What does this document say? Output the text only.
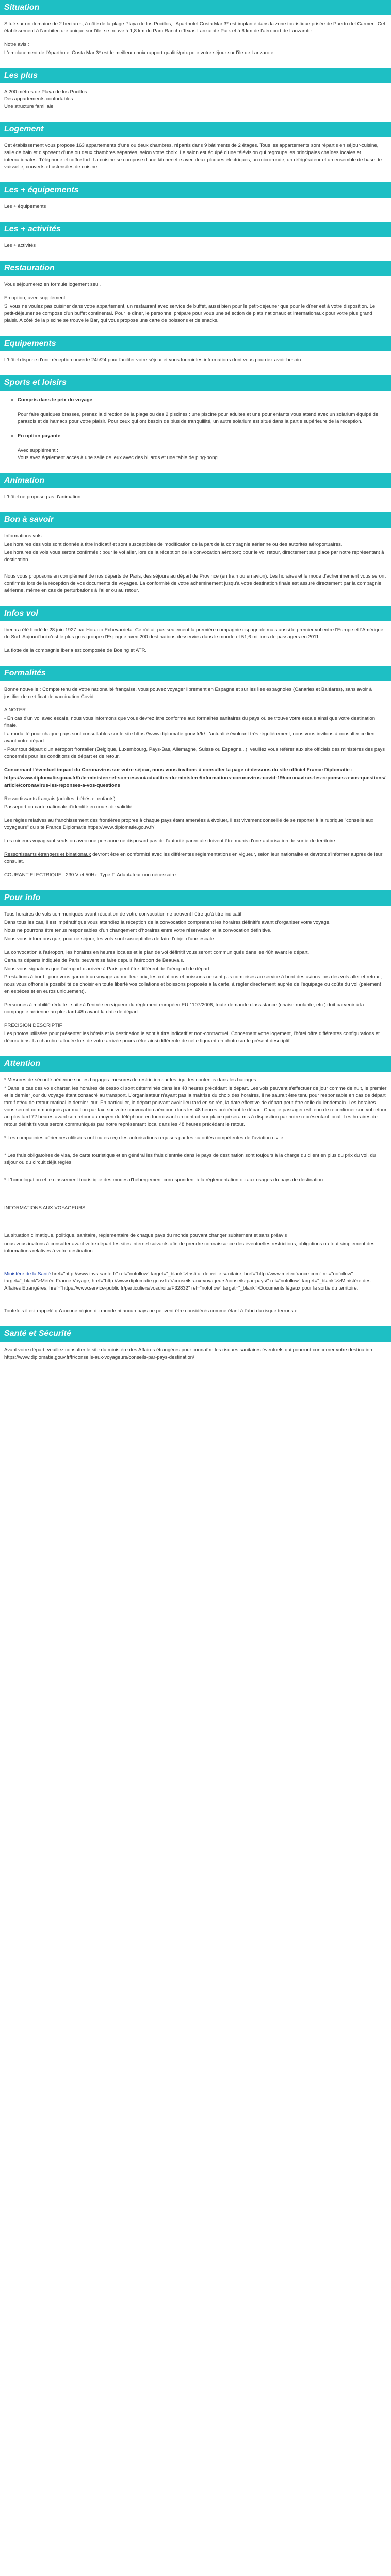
Situation

Situé sur un domaine de 2 hectares, à côté de la plage Playa de los Pocillos, l'Aparthotel Costa Mar 3* est implanté dans la zone touristique prisée de Puerto del Carmen. Cet établissement à l'architecture unique sur l'île, se trouve à 1,8 km du Parc Rancho Texas Lanzarote Park et à 6 km de l'aéroport de Lanzarote.

Notre avis :

L'emplacement de l'Aparthotel Costa Mar 3* est le meilleur choix rapport qualité/prix pour votre séjour sur l'île de Lanzarote.

Les plus

A 200 mètres de Playa de los Pocillos
Des appartements confortables
Une structure familiale

Logement

Cet établissement vous propose 163 appartements d'une ou deux chambres, répartis dans 9 bâtiments de 2 étages. Tous les appartements sont répartis en séjour-cuisine, salle de bain et disposent d'une ou deux chambres séparées, selon votre choix. Le salon est équipé d'une télévision qui regroupe les principales chaînes locales et internationales. Téléphone et coffre fort. La cuisine se compose d'une kitchenette avec deux plaques électriques, un micro-onde, un réfrigérateur et un ensemble de base de vaisselle, couverts et ustensiles de cuisine.

Les + équipements

Les + équipements

Les + activités

Les + activités

Restauration

Vous séjournerez en formule logement seul.

En option, avec supplément :

Si vous ne voulez pas cuisiner dans votre appartement, un restaurant avec service de buffet, aussi bien pour le petit-déjeuner que pour le dîner est à votre disposition. Le petit-déjeuner se compose d'un buffet continental. Pour le dîner, le personnel prépare pour vous une sélection de plats nationaux et internationaux pour votre plus grand plaisir. A côté de la piscine se trouve le Bar, qui vous propose une carte de boissons et de snacks.

Equipements

L'hôtel dispose d'une réception ouverte 24h/24 pour faciliter votre séjour et vous fournir les informations dont vous pourriez avoir besoin.

Sports et loisirs
• Compris dans le prix du voyage
Pour faire quelques brasses, prenez la direction de la plage ou des 2 piscines : une piscine pour adultes et une pour enfants vous attend avec un solarium équipé de parasols et de hamacs pour votre plaisir. Pour ceux qui ont besoin de plus de tranquillité, un autre solarium est situé dans la partie supérieure de la réception.
• En option payante
Avec supplément :
Vous avez également accès à une salle de jeux avec des billards et une table de ping-pong.
Animation

L'hôtel ne propose pas d'animation.

Bon à savoir

Informations vols :

Les horaires des vols sont donnés à titre indicatif et sont susceptibles de modification de la part de la compagnie aérienne ou des autorités aéroportuaires.

Les horaires de vols vous seront confirmés : pour le vol aller, lors de la réception de la convocation aéroport; pour le vol retour, directement sur place par notre représentant à destination.

Nous vous proposons en complément de nos départs de Paris, des séjours au départ de Province (en train ou en avion). Les horaires et le mode d'acheminement vous seront confirmés lors de la réception de vos documents de voyages. La conformité de votre acheminement jusqu'à votre destination finale est assuré directement par la compagnie aérienne, même en cas de perturbations à l'aller ou au retour.

Infos vol

Iberia a été fondé le 28 juin 1927 par Horacio Echevarrieta. Ce n'était pas seulement la première compagnie espagnole mais aussi le premier vol entre l'Europe et l'Amérique du Sud. Aujourd'hui c'est le plus gros groupe d'Espagne avec 200 destinations desservies dans le monde et 51,6 millions de passagers en 2011.

La flotte de la compagnie Iberia est composée de Boeing et ATR.

Formalités

Bonne nouvelle : Compte tenu de votre nationalité française, vous pouvez voyager librement en Espagne et sur les îles espagnoles (Canaries et Baléares), sans avoir à justifier de certificat de vaccination Covid.

A NOTER

- En cas d'un vol avec escale, nous vous informons que vous devrez être conforme aux formalités sanitaires du pays où se trouve votre escale ainsi que votre destination finale.

La modalité pour chaque pays sont consultables sur le site https://www.diplomatie.gouv.fr/fr/ L'actualité évoluant très régulièrement, nous vous invitons à consulter ce lien avant votre départ.

- Pour tout départ d'un aéroport frontalier (Belgique, Luxembourg, Pays-Bas, Allemagne, Suisse ou Espagne...), veuillez vous référer aux site officiels des ministères des pays concernés pour les conditions de départ et de retour.

Concernant l'éventuel impact du Coronavirus sur votre séjour, nous vous invitons à consulter la page ci-dessous du site officiel France Diplomatie :

https://www.diplomatie.gouv.fr/fr/le-ministere-et-son-reseau/actualites-du-ministere/informations-coronavirus-covid-19/coronavirus-les-reponses-a-vos-questions/article/coronavirus-les-reponses-a-vos-questions

Ressortissants français (adultes, bébés et enfants) :

Passeport ou carte nationale d'identité en cours de validité.

Les règles relatives au franchissement des frontières propres à chaque pays étant amenées à évoluer, il est vivement conseillé de se reporter à la rubrique "conseils aux voyageurs" du site France Diplomatie,https://www.diplomatie.gouv.fr/.

Les mineurs voyageant seuls ou avec une personne ne disposant pas de l'autorité parentale doivent être munis d'une autorisation de sortie de territoire.

Ressortissants étrangers et binationaux devront être en conformité avec les différentes réglementations en vigueur, selon leur nationalité et devront s'informer auprès de leur consulat.

COURANT ELECTRIQUE : 230 V et 50Hz. Type F. Adaptateur non nécessaire.

Pour info

Tous horaires de vols communiqués avant réception de votre convocation ne peuvent l'être qu'à titre indicatif.

Dans tous les cas, il est impératif que vous attendiez la réception de la convocation comprenant les horaires définitifs avant d'organiser votre voyage.

Nous ne pourrons être tenus responsables d'un changement d'horaires entre votre réservation et la convocation définitive.

Nous vous informons que, pour ce séjour, les vols sont susceptibles de faire l'objet d'une escale.

La convocation à l'aéroport, les horaires en heures locales et le plan de vol définitif vous seront communiqués dans les 48h avant le départ.

Certains départs indiqués de Paris peuvent se faire depuis l'aéroport de Beauvais.

Nous vous signalons que l'aéroport d'arrivée à Paris peut être différent de l'aéroport de départ.

Prestations à bord : pour vous garantir un voyage au meilleur prix, les collations et boissons ne sont pas comprises au service à bord des avions lors des vols aller et retour ; nous vous offrons la possibilité de choisir en toute liberté vos collations et boissons proposés à la carte, à régler directement auprès de l'équipage ou coûts du vol (paiement en espèces et en euros uniquement).

Personnes à mobilité réduite : suite à l'entrée en vigueur du règlement européen EU 1107/2006, toute demande d'assistance (chaise roulante, etc.) doit parvenir à la compagnie aérienne au plus tard 48h avant la date de départ.

PRÉCISION DESCRIPTIF

Les photos utilisées pour présenter les hôtels et la destination le sont à titre indicatif et non-contractuel. Concernant votre logement, l'hôtel offre différentes configurations et décorations. La chambre allouée lors de votre arrivée pourra être ainsi différente de celle figurant en photo sur le présent descriptif.

Attention

* Mesures de sécurité aérienne sur les bagages: mesures de restriction sur les liquides contenus dans les bagages.

* Dans le cas des vols charter, les horaires de cesso ci sont déterminés dans les 48 heures précédant le départ. Les vols peuvent s'effectuer de jour comme de nuit, le premier et le dernier jour du voyage étant consacré au transport. L'organisateur n'ayant pas la maîtrise du choix des horaires, il ne saurait être tenu pour responsable en cas de départ tardif et/ou de retour matinal le dernier jour. En particulier, le départ pouvant avoir lieu tard en soirée, la date effective de départ peut être celle du lendemain. Les horaires vous seront communiqués par mail ou par fax, sur votre convocation aéroport dans les 48 heures précédant le départ. Chaque passager est tenu de reconfirmer son vol retour au plus tard 72 heures avant son retour au moyen du téléphone en fournissant un contact sur place qui sera mis à disposition par notre représentant local. Les horaires de retour définitifs vous seront communiqués par notre représentant local dans les 48 heures précédant le retour.

* Les compagnies aériennes utilisées ont toutes reçu les autorisations requises par les autorités compétentes de l'aviation civile.

* Les frais obligatoires de visa, de carte touristique et en général les frais d'entrée dans le pays de destination sont toujours à la charge du client en plus du prix du vol, du séjour ou du circuit déjà réglés.

* L'homologation et le classement touristique des modes d'hébergement correspondent à la réglementation ou aux usages du pays de destination.

INFORMATIONS AUX VOYAGEURS :

La situation climatique, politique, sanitaire, réglementaire de chaque pays du monde pouvant changer subitement et sans préavis

nous vous invitons à consulter avant votre départ les sites internet suivants afin de prendre connaissance des éventuelles restrictions, obligations ou tout simplement des informations relatives à votre destination.

Ministère de la Santé href="http://www.invs.sante.fr" rel="nofollow" target="_blank">Institut de veille sanitaire, href="http://www.meteofrance.com" rel="nofollow" target="_blank">Météo France Voyage, href="http://www.diplomatie.gouv.fr/fr/conseils-aux-voyageurs/conseils-par-pays/" rel="nofollow" target="_blank">>Ministère des Affaires Etrangères, href="https://www.service-public.fr/particuliers/vosdroits/F32832" rel="nofollow" target="_blank">Documents légaux pour la sortie du territoire.

Toutefois il est rappelé qu'aucune région du monde ni aucun pays ne peuvent être considérés comme étant à l'abri du risque terroriste.

Santé et Sécurité

Avant votre départ, veuillez consulter le site du ministère des Affaires étrangères pour connaître les risques sanitaires éventuels qui pourront concerner votre destination : https://www.diplomatie.gouv.fr/fr/conseils-aux-voyageurs/conseils-par-pays-destination/
